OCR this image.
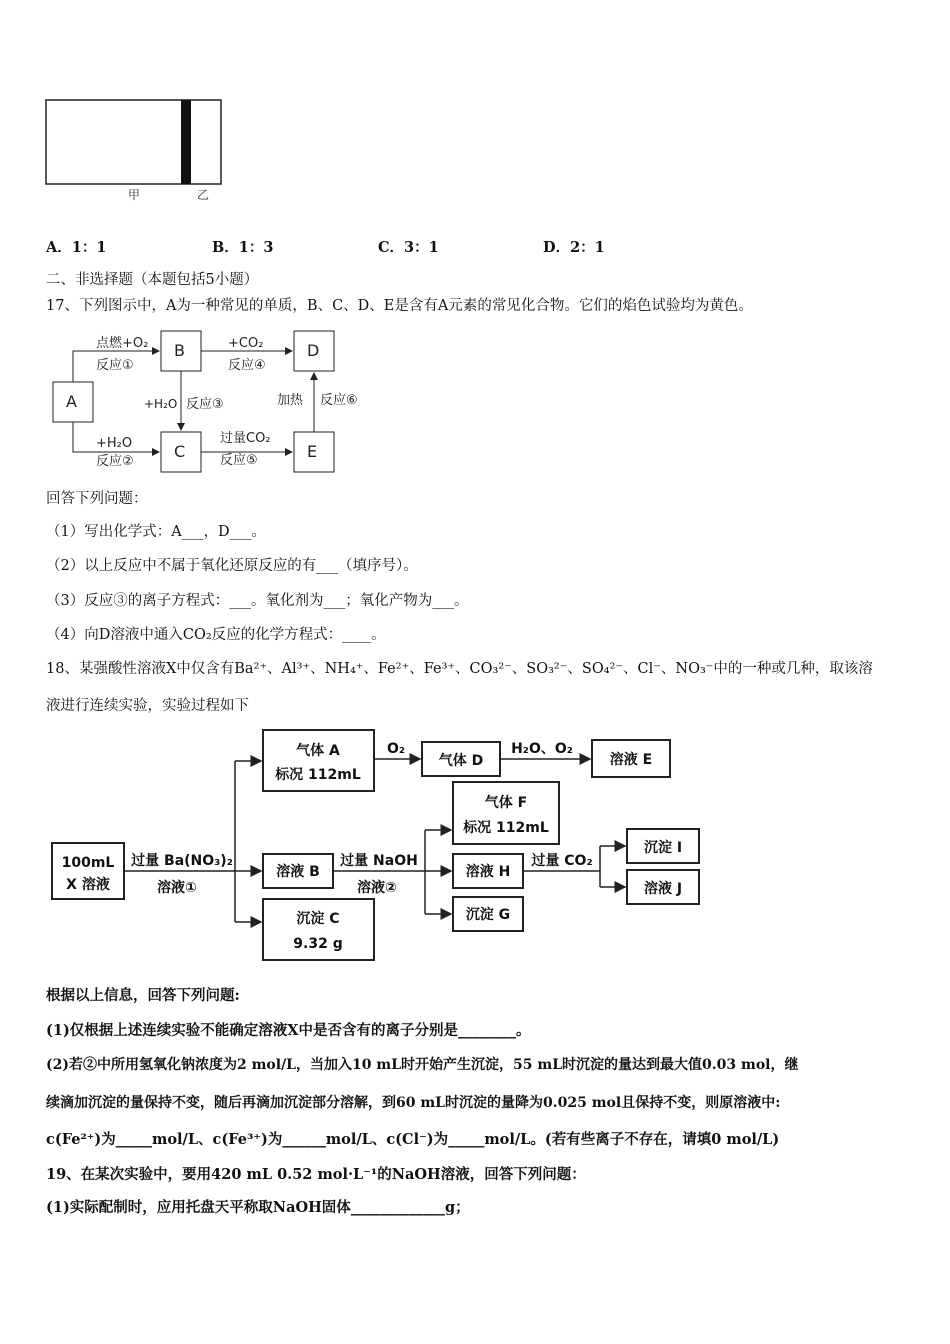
甲	乙
A．1：1	B．1：3	C．3：1	D．2：1
二、非选择题（本题包括5小题）
17、下列图示中，A为一种常见的单质，B、C、D、E是含有A元素的常见化合物。它们的焰色试验均为黄色。
A
B
C
D
E
点燃+O₂
反应①
+H₂O
反应②
+H₂O 反应③
+CO₂
反应④
过量CO₂
反应⑤
加热 反应⑥
回答下列问题：
（1）写出化学式：A___，D___。
（2）以上反应中不属于氧化还原反应的有___（填序号）。
（3）反应③的离子方程式：___。氧化剂为___；氧化产物为___。
（4）向D溶液中通入CO₂反应的化学方程式：____。
18、某强酸性溶液X中仅含有Ba²⁺、Al³⁺、NH₄⁺、Fe²⁺、Fe³⁺、CO₃²⁻、SO₃²⁻、SO₄²⁻、Cl⁻、NO₃⁻中的一种或几种，取该溶
液进行连续实验，实验过程如下
100mL
X 溶液
过量 Ba(NO₃)₂
溶液①
气体 A
标况 112mL
O₂
气体 D
H₂O、O₂
溶液 E
溶液 B
过量 NaOH
溶液②
沉淀 C
9.32 g
气体 F
标况 112mL
溶液 H
沉淀 G
过量 CO₂
沉淀 I
溶液 J
根据以上信息，回答下列问题:
(1)仅根据上述连续实验不能确定溶液X中是否含有的离子分别是________。
(2)若②中所用氢氧化钠浓度为2 mol/L，当加入10 mL时开始产生沉淀，55 mL时沉淀的量达到最大值0.03 mol，继
续滴加沉淀的量保持不变，随后再滴加沉淀部分溶解，到60 mL时沉淀的量降为0.025 mol且保持不变，则原溶液中:
c(Fe²⁺)为_____mol/L、c(Fe³⁺)为______mol/L、c(Cl⁻)为_____mol/L。(若有些离子不存在，请填0 mol/L)
19、在某次实验中，要用420 mL 0.52 mol·L⁻¹的NaOH溶液，回答下列问题：
(1)实际配制时，应用托盘天平称取NaOH固体_____________g；
